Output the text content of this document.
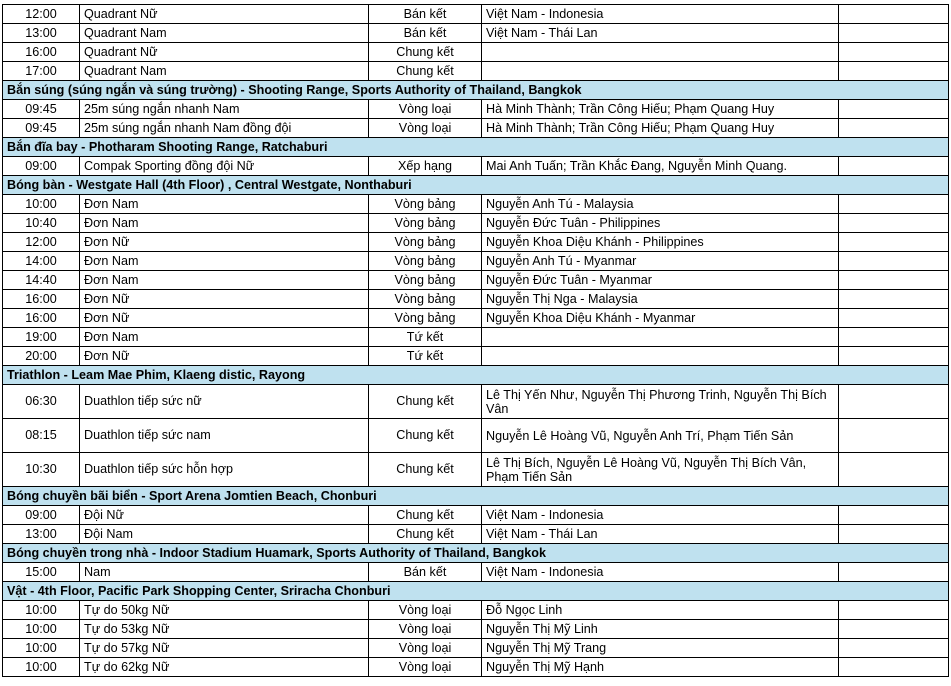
12:00	Quadrant Nữ	Bán kết	Việt Nam - Indonesia	
13:00	Quadrant Nam	Bán kết	Việt Nam - Thái Lan	
16:00	Quadrant Nữ	Chung kết		
17:00	Quadrant Nam	Chung kết		
Bắn súng (súng ngắn và súng trường) - Shooting Range, Sports Authority of Thailand, Bangkok				
09:45	25m súng ngắn nhanh Nam	Vòng loại	Hà Minh Thành; Trần Công Hiếu; Phạm Quang Huy	
09:45	25m súng ngắn nhanh Nam đồng đội	Vòng loại	Hà Minh Thành; Trần Công Hiếu; Phạm Quang Huy	
Bắn đĩa bay - Photharam Shooting Range, Ratchaburi				
09:00	Compak Sporting đồng đội Nữ	Xếp hạng	Mai Anh Tuấn; Trần Khắc Đang, Nguyễn Minh Quang.	
Bóng bàn - Westgate Hall (4th Floor) , Central Westgate, Nonthaburi				
10:00	Đơn Nam	Vòng bảng	Nguyễn Anh Tú - Malaysia	
10:40	Đơn Nam	Vòng bảng	Nguyễn Đức Tuân - Philippines	
12:00	Đơn Nữ	Vòng bảng	Nguyễn Khoa Diệu Khánh - Philippines	
14:00	Đơn Nam	Vòng bảng	Nguyễn Anh Tú - Myanmar	
14:40	Đơn Nam	Vòng bảng	Nguyễn Đức Tuân - Myanmar	
16:00	Đơn Nữ	Vòng bảng	Nguyễn Thị Nga - Malaysia	
16:00	Đơn Nữ	Vòng bảng	Nguyễn Khoa Diệu Khánh - Myanmar	
19:00	Đơn Nam	Tứ kết		
20:00	Đơn Nữ	Tứ kết		
Triathlon - Leam Mae Phim, Klaeng distic, Rayong				
06:30	Duathlon tiếp sức nữ	Chung kết	Lê Thị Yến Như, Nguyễn Thị Phương Trinh, Nguyễn Thị Bích Vân	
08:15	Duathlon tiếp sức nam	Chung kết	Nguyễn Lê Hoàng Vũ, Nguyễn Anh Trí, Phạm Tiến Sản	
10:30	Duathlon tiếp sức hỗn hợp	Chung kết	Lê Thị Bích, Nguyễn Lê Hoàng Vũ, Nguyễn Thị Bích Vân, Phạm Tiến Sản	
Bóng chuyền bãi biển - Sport Arena Jomtien Beach, Chonburi				
09:00	Đội Nữ	Chung kết	Việt Nam - Indonesia	
13:00	Đội Nam	Chung kết	Việt Nam - Thái Lan	
Bóng chuyền trong nhà - Indoor Stadium Huamark, Sports Authority of Thailand, Bangkok				
15:00	Nam	Bán kết	Việt Nam - Indonesia	
Vật - 4th Floor, Pacific Park Shopping Center, Sriracha Chonburi				
10:00	Tự do 50kg Nữ	Vòng loại	Đỗ Ngọc Linh	
10:00	Tự do 53kg Nữ	Vòng loại	Nguyễn Thị Mỹ Linh	
10:00	Tự do 57kg Nữ	Vòng loại	Nguyễn Thị Mỹ Trang	
10:00	Tự do 62kg Nữ	Vòng loại	Nguyễn Thị Mỹ Hạnh	
